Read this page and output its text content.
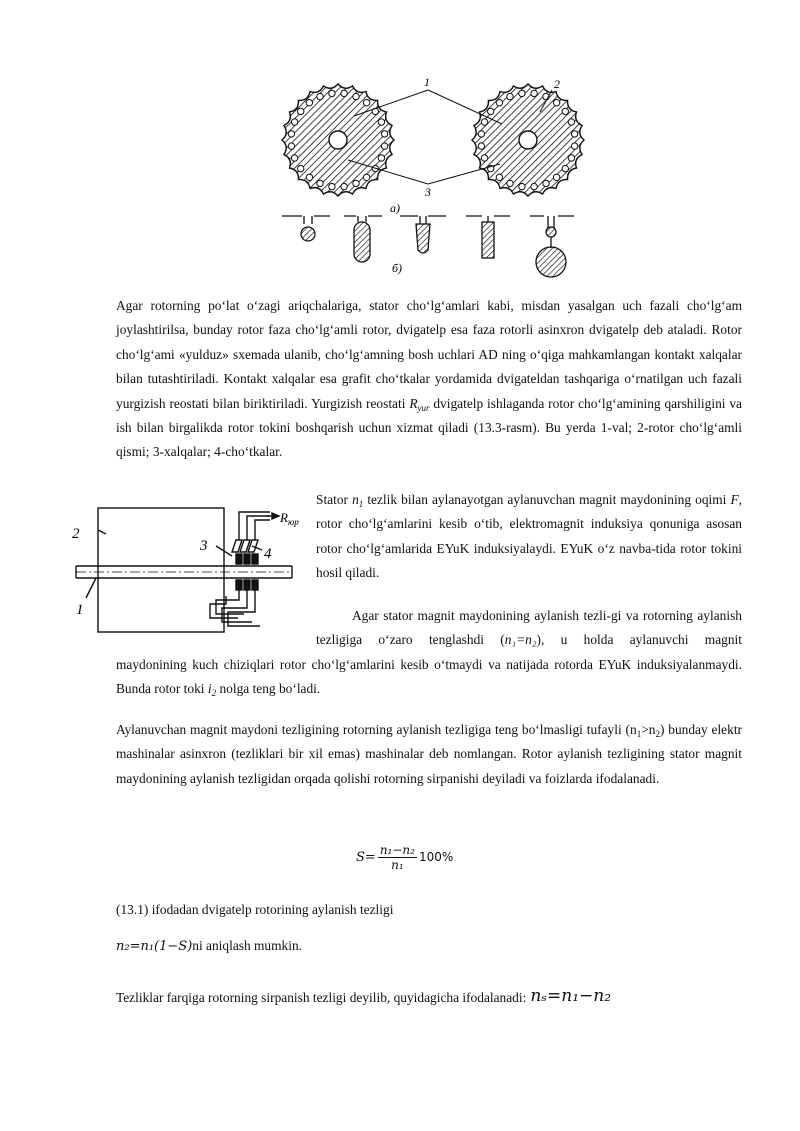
1	2
3
a)
б)

Agar rotorning po‘lat o‘zagi ariqchalariga, stator cho‘lg‘amlari kabi, misdan yasalgan uch fazali cho‘lg‘am joylashtirilsa, bunday rotor faza cho‘lg‘amli rotor, dvigatelp esa faza rotorli asinxron dvigatelp deb ataladi. Rotor cho‘lg‘ami «yulduz» sxemada ulanib, cho‘lg‘amning bosh uchlari AD ning o‘qiga mahkamlangan kontakt xalqalar bilan tutashtiriladi. Kontakt xalqalar esa grafit cho‘tkalar yordamida dvigateldan tashqariga o‘rnatilgan uch fazali yurgizish reostati bilan biriktiriladi. Yurgizish reostati $R_{yur}$ dvigatelp ishlaganda rotor cho‘lg‘amining qarshiligini va ish bilan birgalikda rotor tokini boshqarish uchun xizmat qiladi (13.3-rasm). Bu yerda 1-val; 2-rotor cho‘lg‘amli qismi; 3-xalqalar; 4-cho‘tkalar.

2
3	4
1
$R_{юр}$

Stator $n_1$ tezlik bilan aylanayotgan aylanuvchan magnit maydonining oqimi F, rotor cho‘lg‘amlarini kesib o‘tib, elektromagnit induksiya qonuniga asosan rotor cho‘lg‘amlarida EYuK induksiyalaydi. EYuK o‘z navba-tida rotor tokini hosil qiladi.

Agar stator magnit maydonining aylanish tezli-gi va rotorning aylanish tezligiga o‘zaro tenglashdi (n₁=n₂), u holda aylanuvchi magnit

maydonining kuch chiziqlari rotor cho‘lg‘amlarini kesib o‘tmaydi va natijada rotorda EYuK induksiyalanmaydi. Bunda rotor toki $i_2$ nolga teng bo‘ladi.

Aylanuvchan magnit maydoni tezligining rotorning aylanish tezligiga teng bo‘lmasligi tufayli $(n_1>n_2)$ bunday elektr mashinalar asinxron (tezliklari bir xil emas) mashinalar deb nomlangan. Rotor aylanish tezligining stator magnit maydonining aylanish tezligidan orqada qolishi rotorning sirpanishi deyiladi va foizlarda ifodalanadi.

$S= \frac{\text{n₁−n₂}}{\text{n₁}} 100\%$

(13.1) ifodadan dvigatelp rotorining aylanish tezligi

n₂=n₁(1−S)ni aniqlash mumkin.
Tezliklar farqiga rotorning sirpanish tezligi deyilib, quyidagicha ifodalanadi: nₛ=n₁−n₂
